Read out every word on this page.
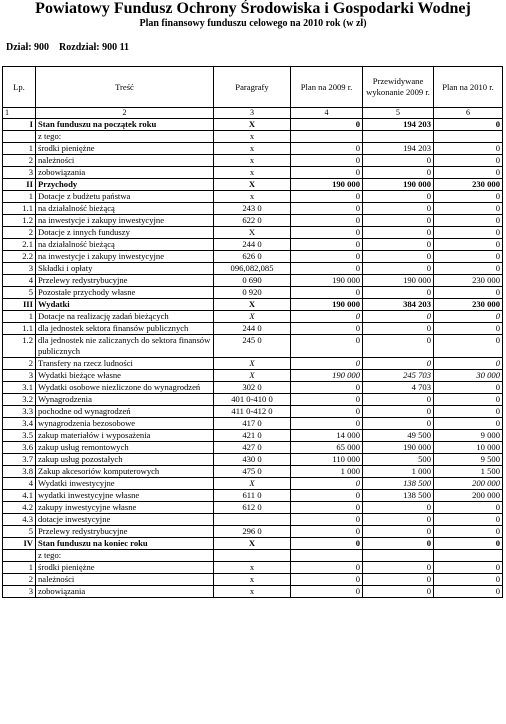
Powiatowy Fundusz Ochrony Środowiska i Gospodarki Wodnej
Plan finansowy funduszu celowego na 2010 rok (w zł)
Dział: 900 Rozdział: 900 11
Lp.	Treść	Paragrafy	Plan na 2009 r.	Przewidywane wykonanie 2009 r.	Plan na 2010 r.
1	2	3	4	5	6
I	Stan funduszu na początek roku	X	0	194 203	0
	z tego:	x			
1	środki pieniężne	x	0	194 203	0
2	należności	x	0	0	0
3	zobowiązania	x	0	0	0
II	Przychody	X	190 000	190 000	230 000
1	Dotacje z budżetu państwa	x	0	0	0
1.1	na działalność bieżącą	243 0	0	0	0
1.2	na inwestycje i zakupy inwestycyjne	622 0	0	0	0
2	Dotacje z innych funduszy	X	0	0	0
2.1	na działalność bieżącą	244 0	0	0	0
2.2	na inwestycje i zakupy inwestycyjne	626 0	0	0	0
3	Składki i opłaty	096,082,085	0	0	0
4	Przelewy redystrybucyjne	0 690	190 000	190 000	230 000
5	Pozostałe przychody własne	0 920	0	0	0
III	Wydatki	X	190 000	384 203	230 000
1	Dotacje na realizację zadań bieżących	X	0	0	0
1.1	dla jednostek sektora finansów publicznych	244 0	0	0	0
1.2	dla jednostek nie zaliczanych do sektora finansów publicznych	245 0	0	0	0
2	Transfery na rzecz ludności	X	0	0	0
3	Wydatki bieżące własne	X	190 000	245 703	30 000
3.1	Wydatki osobowe niezliczone do wynagrodzeń	302 0	0	4 703	0
3.2	Wynagrodzenia	401 0-410 0	0	0	0
3.3	pochodne od wynagrodzeń	411 0-412 0	0	0	0
3.4	wynagrodzenia bezosobowe	417 0	0	0	0
3.5	zakup materiałów i wyposażenia	421 0	14 000	49 500	9 000
3.6	zakup usług remontowych	427 0	65 000	190 000	10 000
3.7	zakup usług pozostałych	430 0	110 000	500	9 500
3.8	Zakup akcesoriów komputerowych	475 0	1 000	1 000	1 500
4	Wydatki inwestycyjne	X	0	138 500	200 000
4.1	wydatki inwestycyjne własne	611 0	0	138 500	200 000
4.2	zakupy inwestycyjne własne	612 0	0	0	0
4.3	dotacje inwestycyjne		0	0	0
5	Przelewy redystrybucyjne	296 0	0	0	0
IV	Stan funduszu na koniec roku	X	0	0	0
	z tego:				
1	środki pieniężne	x	0	0	0
2	należności	x	0	0	0
3	zobowiązania	x	0	0	0
